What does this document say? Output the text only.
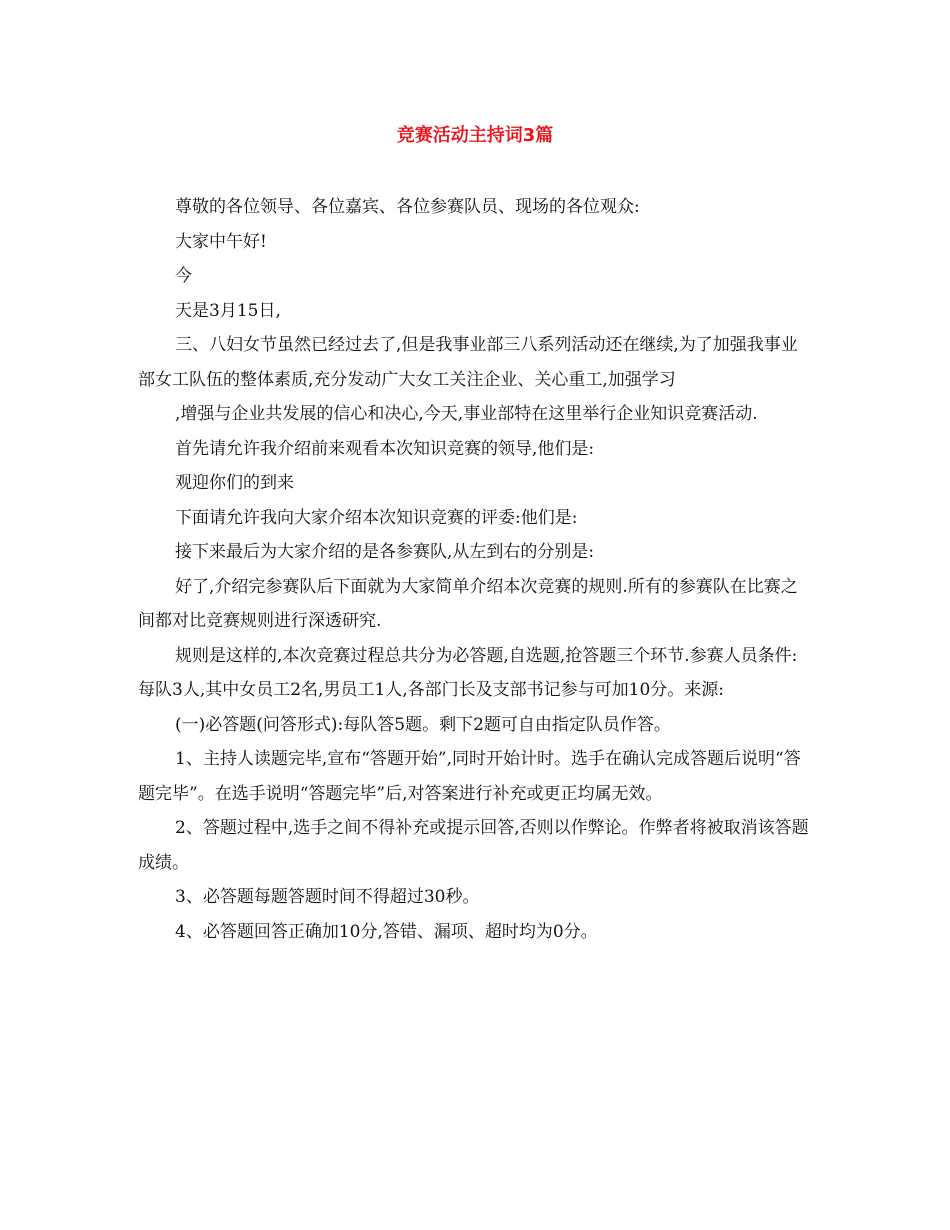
竞赛活动主持词3篇

尊敬的各位领导、各位嘉宾、各位参赛队员、现场的各位观众:

大家中午好!

今

天是3月15日,

三、八妇女节虽然已经过去了,但是我事业部三八系列活动还在继续,为了加强我事业部女工队伍的整体素质,充分发动广大女工关注企业、关心重工,加强学习

,增强与企业共发展的信心和决心,今天,事业部特在这里举行企业知识竞赛活动.

首先请允许我介绍前来观看本次知识竞赛的领导,他们是:

观迎你们的到来

下面请允许我向大家介绍本次知识竞赛的评委:他们是:

接下来最后为大家介绍的是各参赛队,从左到右的分别是:

好了,介绍完参赛队后下面就为大家简单介绍本次竞赛的规则.所有的参赛队在比赛之间都对比竞赛规则进行深透研究.

规则是这样的,本次竞赛过程总共分为必答题,自选题,抢答题三个环节.参赛人员条件:每队3人,其中女员工2名,男员工1人,各部门长及支部书记参与可加10分。来源:

(一)必答题(问答形式):每队答5题。剩下2题可自由指定队员作答。

1、主持人读题完毕,宣布“答题开始”,同时开始计时。选手在确认完成答题后说明“答题完毕”。在选手说明“答题完毕”后,对答案进行补充或更正均属无效。

2、答题过程中,选手之间不得补充或提示回答,否则以作弊论。作弊者将被取消该答题成绩。

3、必答题每题答题时间不得超过30秒。

4、必答题回答正确加10分,答错、漏项、超时均为0分。
